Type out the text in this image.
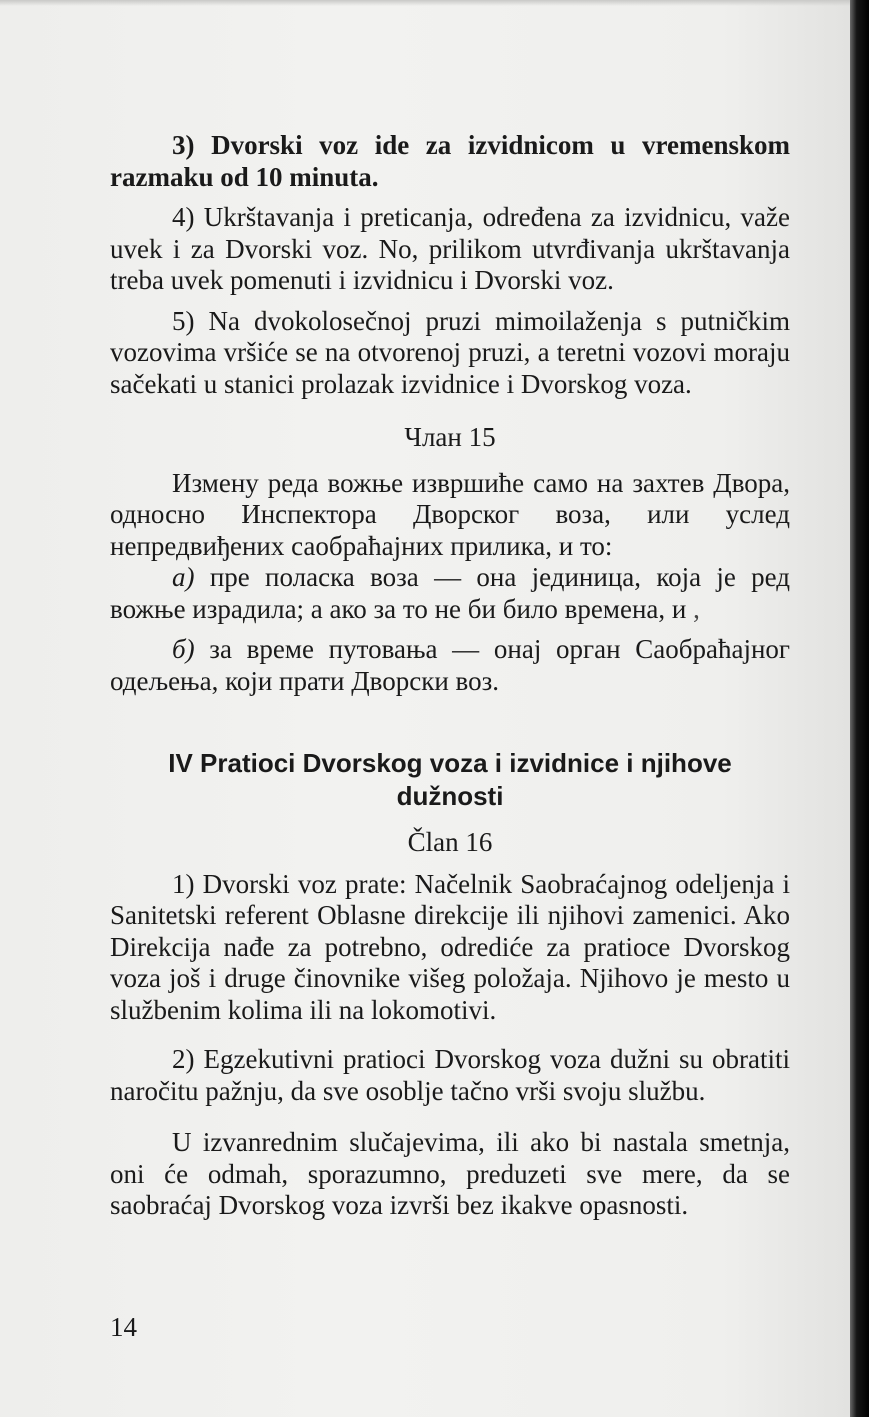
3) Dvorski voz ide za izvidnicom u vremenskom razmaku od 10 minuta.

4) Ukrštavanja i preticanja, određena za izvidnicu, važe uvek i za Dvorski voz. No, prilikom utvrđivanja ukrštavanja treba uvek pomenuti i izvidnicu i Dvorski voz.

5) Na dvokolosečnoj pruzi mimoilaženja s putničkim vozovima vršiće se na otvorenoj pruzi, a teretni vozovi moraju sačekati u stanici prolazak izvidnice i Dvorskog voza.

Члан 15

Измену реда вожње извршиће само на захтев Двора, односно Инспектора Дворског воза, или услед непредвиђених саобраћајних прилика, и то:

а) пре поласка воза — она јединица, која је ред вожње израдила; а ако за то не би било времена, и ,

б) за време путовања — онај орган Саобраћајног одељења, који прати Дворски воз.

IV Pratioci Dvorskog voza i izvidnice i njihove dužnosti

Član 16

1) Dvorski voz prate: Načelnik Saobraćajnog odeljenja i Sanitetski referent Oblasne direkcije ili njihovi zamenici. Ako Direkcija nađe za potrebno, odrediće za pratioce Dvorskog voza još i druge činovnike višeg položaja. Njihovo je mesto u službenim kolima ili na lokomotivi.

2) Egzekutivni pratioci Dvorskog voza dužni su obratiti naročitu pažnju, da sve osoblje tačno vrši svoju službu.

U izvanrednim slučajevima, ili ako bi nastala smetnja, oni će odmah, sporazumno, preduzeti sve mere, da se saobraćaj Dvorskog voza izvrši bez ikakve opasnosti.

14
